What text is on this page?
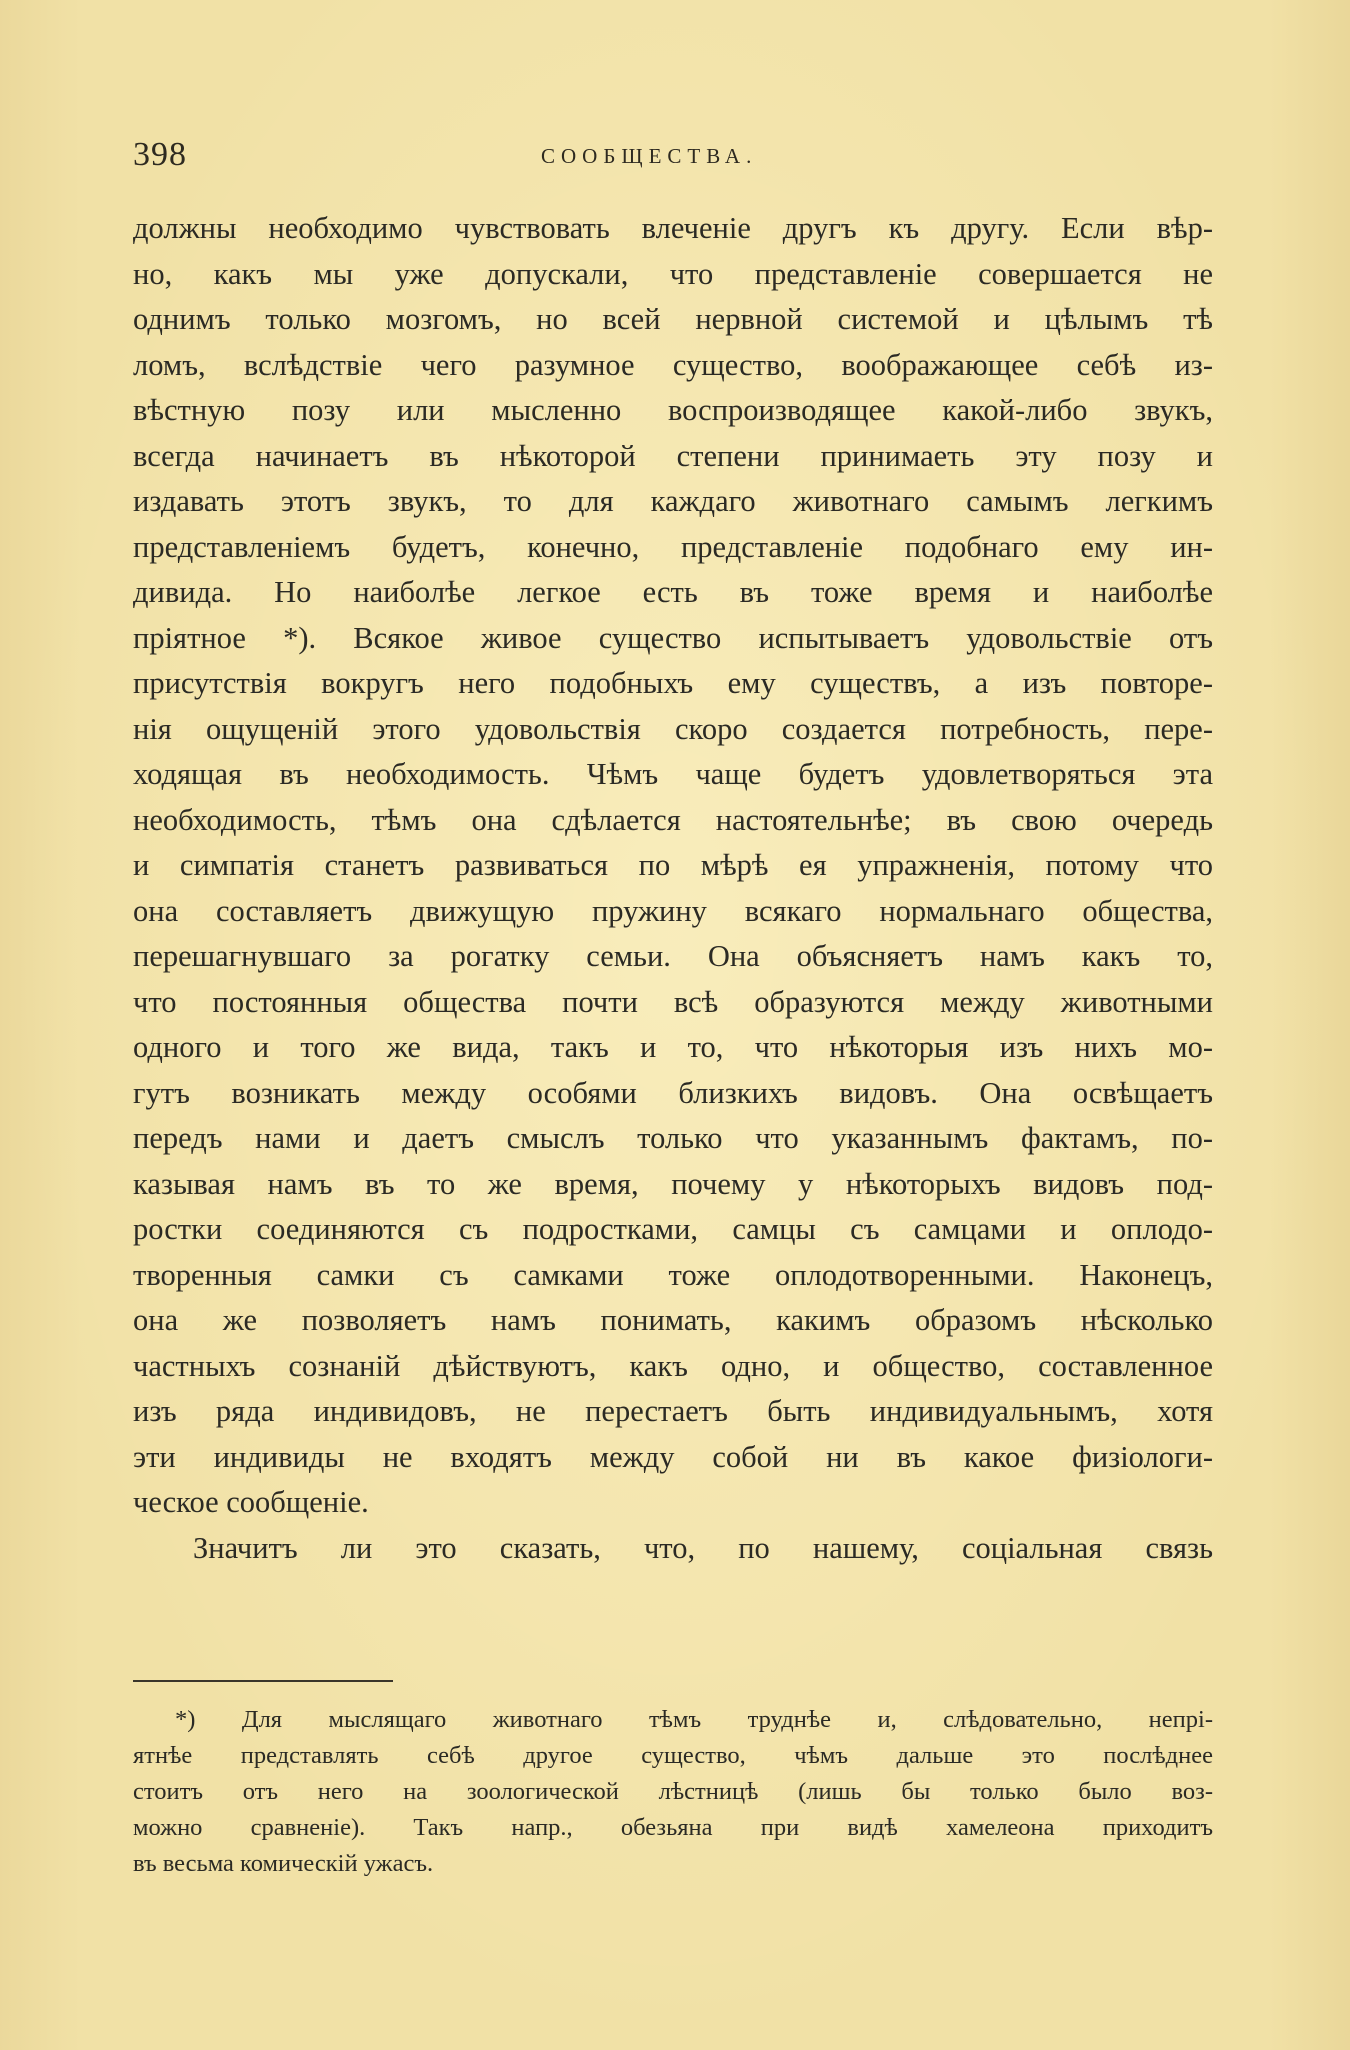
398	СООБЩЕСТВА.
должны необходимо чувствовать влеченіе другъ къ другу. Если вѣр-
но, какъ мы уже допускали, что представленіе совершается не
однимъ только мозгомъ, но всей нервной системой и цѣлымъ тѣ
ломъ, вслѣдствіе чего разумное существо, воображающее себѣ из-
вѣстную позу или мысленно воспроизводящее какой-либо звукъ,
всегда начинаетъ въ нѣкоторой степени принимаеть эту позу и
издавать этотъ звукъ, то для каждаго животнаго самымъ легкимъ
представленіемъ будетъ, конечно, представленіе подобнаго ему ин-
дивида. Но наиболѣе легкое есть въ тоже время и наиболѣе
пріятное *). Всякое живое существо испытываетъ удовольствіе отъ
присутствія вокругъ него подобныхъ ему существъ, а изъ повторе-
нія ощущеній этого удовольствія скоро создается потребность, пере-
ходящая въ необходимость. Чѣмъ чаще будетъ удовлетворяться эта
необходимость, тѣмъ она сдѣлается настоятельнѣе; въ свою очередь
и симпатія станетъ развиваться по мѣрѣ ея упражненія, потому что
она составляетъ движущую пружину всякаго нормальнаго общества,
перешагнувшаго за рогатку семьи. Она объясняетъ намъ какъ то,
что постоянныя общества почти всѣ образуются между животными
одного и того же вида, такъ и то, что нѣкоторыя изъ нихъ мо-
гутъ возникать между особями близкихъ видовъ. Она освѣщаетъ
передъ нами и даетъ смыслъ только что указаннымъ фактамъ, по-
казывая намъ въ то же время, почему у нѣкоторыхъ видовъ под-
ростки соединяются съ подростками, самцы съ самцами и оплодо-
творенныя самки съ самками тоже оплодотворенными. Наконецъ,
она же позволяетъ намъ понимать, какимъ образомъ нѣсколько
частныхъ сознаній дѣйствуютъ, какъ одно, и общество, составленное
изъ ряда индивидовъ, не перестаетъ быть индивидуальнымъ, хотя
эти индивиды не входятъ между собой ни въ какое физіологи-
ческое сообщеніе.
Значитъ ли это сказать, что, по нашему, соціальная связь
*) Для мыслящаго животнаго тѣмъ труднѣе и, слѣдовательно, непрі-
ятнѣе представлять себѣ другое существо, чѣмъ дальше это послѣднее
стоитъ отъ него на зоологической лѣстницѣ (лишь бы только было воз-
можно сравненіе). Такъ напр., обезьяна при видѣ хамелеона приходитъ
въ весьма комическій ужасъ.
